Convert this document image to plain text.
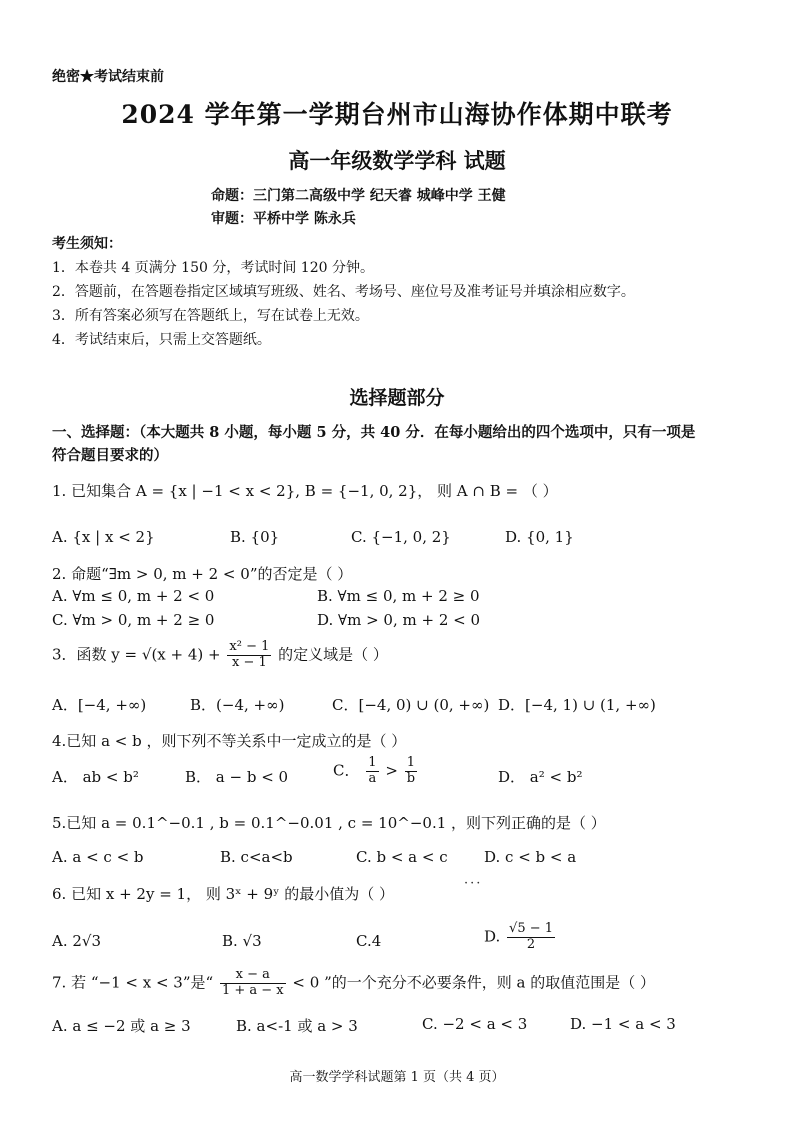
绝密★考试结束前
2024 学年第一学期台州市山海协作体期中联考
高一年级数学学科 试题
命题：三门第二高级中学 纪天睿 城峰中学 王健
审题：平桥中学 陈永兵
考生须知：
1．本卷共 4 页满分 150 分，考试时间 120 分钟。
2．答题前，在答题卷指定区域填写班级、姓名、考场号、座位号及准考证号并填涂相应数字。
3．所有答案必须写在答题纸上，写在试卷上无效。
4．考试结束后，只需上交答题纸。
选择题部分
一、选择题：（本大题共 8 小题，每小题 5 分，共 40 分．在每小题给出的四个选项中，只有一项是
符合题目要求的）
1. 已知集合 A = {x | −1 < x < 2}, B = {−1, 0, 2}， 则 A ∩ B = （ ）
A. {x | x < 2}	B. {0}	C. {−1, 0, 2}	D. {0, 1}
2. 命题“∃m > 0, m + 2 < 0”的否定是（ ）
A. ∀m ≤ 0, m + 2 < 0	B. ∀m ≤ 0, m + 2 ≥ 0
C. ∀m > 0, m + 2 ≥ 0	D. ∀m > 0, m + 2 < 0
3．函数 $y = √(x + 4) + \frac{\text{x² − 1}}{x - 1}$ 的定义域是（ ）
A．[−4, +∞)	B．(−4, +∞)	C．[−4, 0) ∪ (0, +∞) D．[−4, 1) ∪ (1, +∞)
4.已知 a < b ，则下列不等关系中一定成立的是（ ）
A． ab < b²	B． a − b < 0	C． $\frac{1}{a} > \frac{1}{b}$	D． a² < b²
5.已知 a = 0.1^−0.1 , b = 0.1^−0.01 , c = 10^−0.1 ，则下列正确的是（ ）
A. a < c < b	B. c<a<b	C. b < a < c D. c < b < a
6. 已知 x + 2y = 1， 则 3ˣ + 9ʸ 的最小值为（ ）
···
A. 2√3	B. √3	C.4	D. $\frac{√5 - 1}{2}$
7. 若 “−1 < x < 3”是“ $\frac{x - a}{1 + a - x} < 0$ ”的一个充分不必要条件，则 a 的取值范围是（ ）
A. a ≤ −2 或 a ≥ 3	B. a<-1 或 a > 3	C. −2 < a < 3	D. −1 < a < 3
高一数学学科试题第 1 页（共 4 页）
